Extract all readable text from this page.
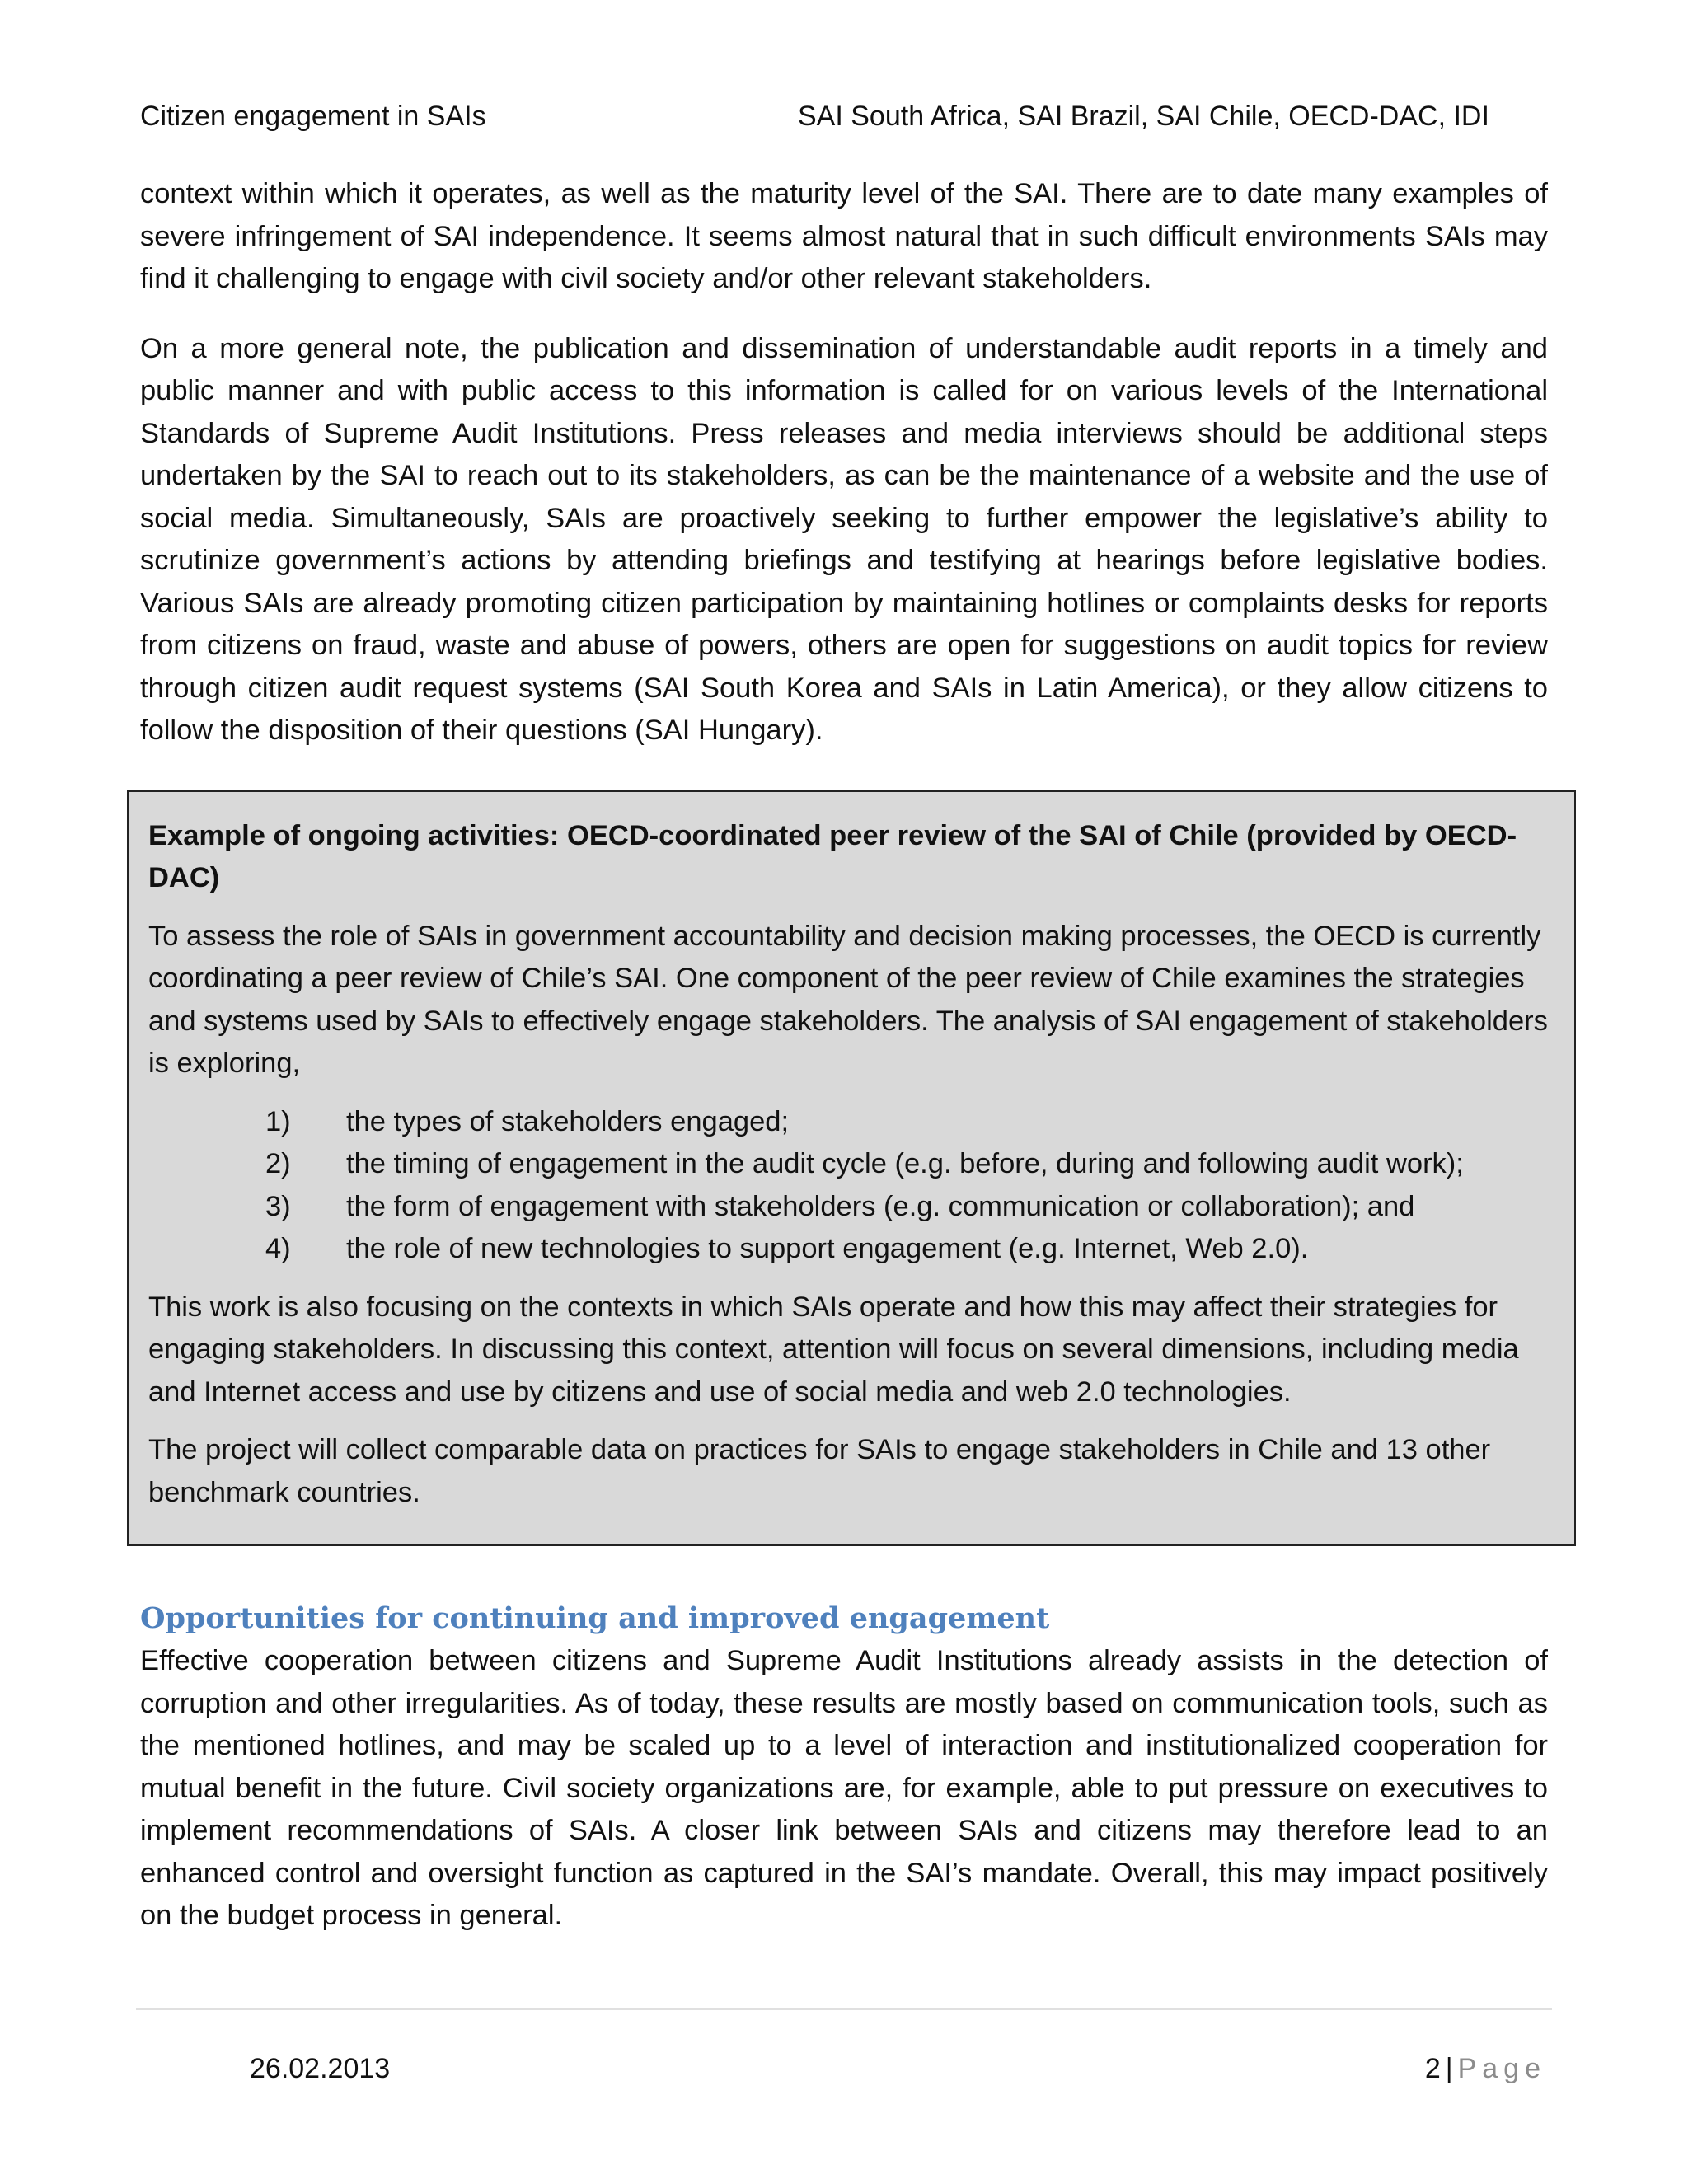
Citizen engagement in SAIs	SAI South Africa, SAI Brazil, SAI Chile, OECD-DAC, IDI

context within which it operates, as well as the maturity level of the SAI. There are to date many examples of severe infringement of SAI independence. It seems almost natural that in such difficult environments SAIs may find it challenging to engage with civil society and/or other relevant stakeholders.

On a more general note, the publication and dissemination of understandable audit reports in a timely and public manner and with public access to this information is called for on various levels of the International Standards of Supreme Audit Institutions. Press releases and media interviews should be additional steps undertaken by the SAI to reach out to its stakeholders, as can be the maintenance of a website and the use of social media. Simultaneously, SAIs are proactively seeking to further empower the legislative’s ability to scrutinize government’s actions by attending briefings and testifying at hearings before legislative bodies. Various SAIs are already promoting citizen participation by maintaining hotlines or complaints desks for reports from citizens on fraud, waste and abuse of powers, others are open for suggestions on audit topics for review through citizen audit request systems (SAI South Korea and SAIs in Latin America), or they allow citizens to follow the disposition of their questions (SAI Hungary).

Example of ongoing activities: OECD-coordinated peer review of the SAI of Chile (provided by OECD-DAC)

To assess the role of SAIs in government accountability and decision making processes, the OECD is currently coordinating a peer review of Chile’s SAI. One component of the peer review of Chile examines the strategies and systems used by SAIs to effectively engage stakeholders. The analysis of SAI engagement of stakeholders is exploring,

1) the types of stakeholders engaged;
2) the timing of engagement in the audit cycle (e.g. before, during and following audit work);
3) the form of engagement with stakeholders (e.g. communication or collaboration); and
4) the role of new technologies to support engagement (e.g. Internet, Web 2.0).

This work is also focusing on the contexts in which SAIs operate and how this may affect their strategies for engaging stakeholders. In discussing this context, attention will focus on several dimensions, including media and Internet access and use by citizens and use of social media and web 2.0 technologies.

The project will collect comparable data on practices for SAIs to engage stakeholders in Chile and 13 other benchmark countries.

Opportunities for continuing and improved engagement

Effective cooperation between citizens and Supreme Audit Institutions already assists in the detection of corruption and other irregularities. As of today, these results are mostly based on communication tools, such as the mentioned hotlines, and may be scaled up to a level of interaction and institutionalized cooperation for mutual benefit in the future. Civil society organizations are, for example, able to put pressure on executives to implement recommendations of SAIs. A closer link between SAIs and citizens may therefore lead to an enhanced control and oversight function as captured in the SAI’s mandate. Overall, this may impact positively on the budget process in general.

26.02.2013	2 | Page
